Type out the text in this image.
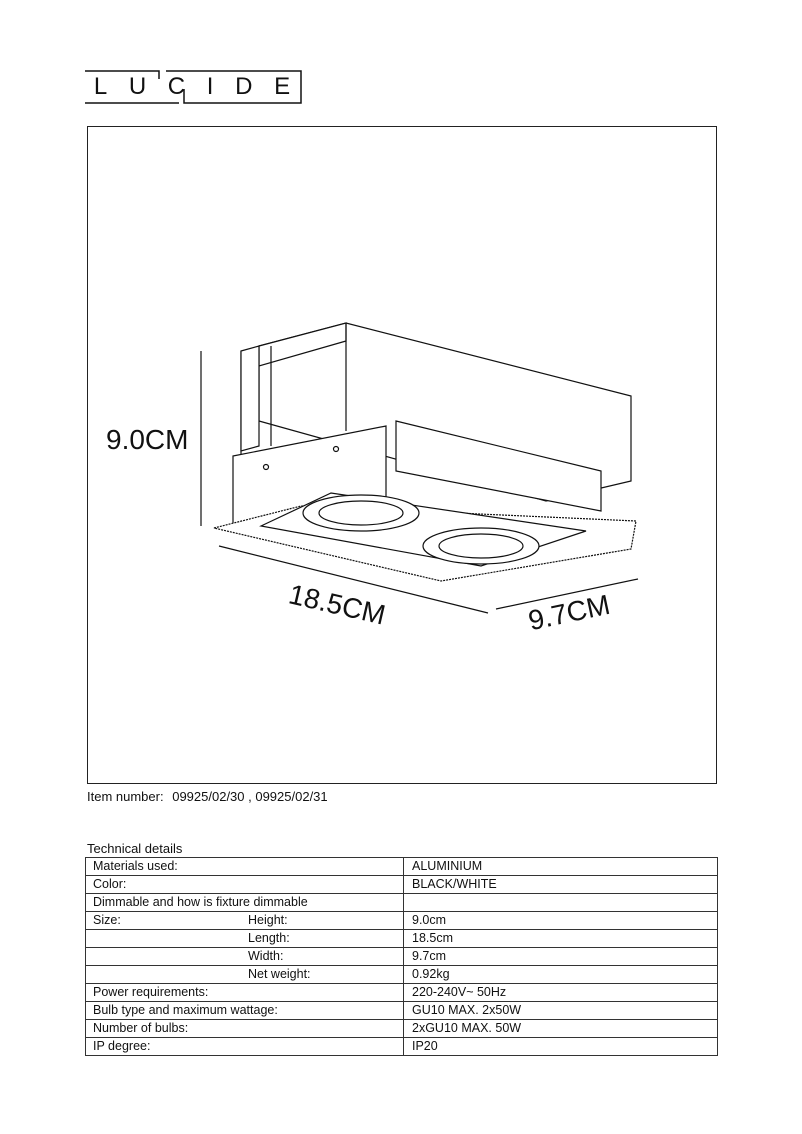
L U C I D E
9.0CM
18.5CM	9.7CM
Item number: 09925/02/30 , 09925/02/31
Technical details
Materials used:	ALUMINIUM
Color:	BLACK/WHITE
Dimmable and how is fixture dimmable

Size: Height:	9.0cm

Length:	18.5cm

Width:	9.7cm

Net weight:	0.92kg
Power requirements:	220-240V~ 50Hz
Bulb type and maximum wattage:	GU10 MAX. 2x50W
Number of bulbs:	2xGU10 MAX. 50W
IP degree:	IP20
